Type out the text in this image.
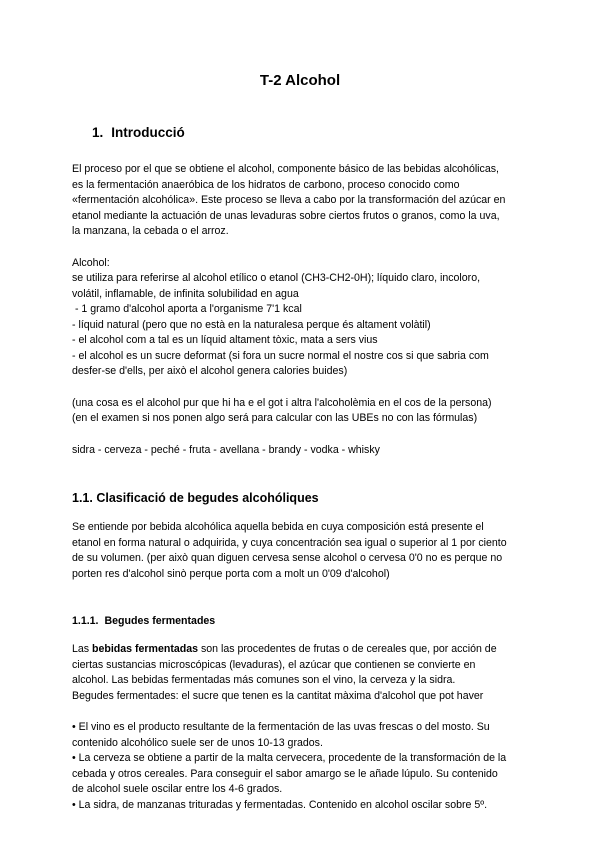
T-2 Alcohol
1. Introducció

El proceso por el que se obtiene el alcohol, componente básico de las bebidas alcohólicas,

es la fermentación anaeróbica de los hidratos de carbono, proceso conocido como

«fermentación alcohólica». Este proceso se lleva a cabo por la transformación del azúcar en

etanol mediante la actuación de unas levaduras sobre ciertos frutos o granos, como la uva,

la manzana, la cebada o el arroz.

Alcohol:

se utiliza para referirse al alcohol etílico o etanol (CH3-CH2-0H); líquido claro, incoloro,

volátil, inflamable, de infinita solubilidad en agua

- 1 gramo d'alcohol aporta a l'organisme 7'1 kcal

- líquid natural (pero que no està en la naturalesa perque és altament volàtil)

- el alcohol com a tal es un líquid altament tòxic, mata a sers vius

- el alcohol es un sucre deformat (si fora un sucre normal el nostre cos si que sabria com

desfer-se d'ells, per això el alcohol genera calories buides)

(una cosa es el alcohol pur que hi ha e el got i altra l'alcoholèmia en el cos de la persona)

(en el examen si nos ponen algo será para calcular con las UBEs no con las fórmulas)

sidra - cerveza - peché - fruta - avellana - brandy - vodka - whisky

1.1. Clasificació de begudes alcohóliques

Se entiende por bebida alcohólica aquella bebida en cuya composición está presente el

etanol en forma natural o adquirida, y cuya concentración sea igual o superior al 1 por ciento

de su volumen. (per això quan diguen cervesa sense alcohol o cervesa 0'0 no es perque no

porten res d'alcohol sinò perque porta com a molt un 0'09 d'alcohol)

1.1.1. Begudes fermentades

Las bebidas fermentadas son las procedentes de frutas o de cereales que, por acción de

ciertas sustancias microscópicas (levaduras), el azúcar que contienen se convierte en

alcohol. Las bebidas fermentadas más comunes son el vino, la cerveza y la sidra.

Begudes fermentades: el sucre que tenen es la cantitat màxima d'alcohol que pot haver

• El vino es el producto resultante de la fermentación de las uvas frescas o del mosto. Su

contenido alcohólico suele ser de unos 10-13 grados.

• La cerveza se obtiene a partir de la malta cervecera, procedente de la transformación de la

cebada y otros cereales. Para conseguir el sabor amargo se le añade lúpulo. Su contenido

de alcohol suele oscilar entre los 4-6 grados.

• La sidra, de manzanas trituradas y fermentadas. Contenido en alcohol oscilar sobre 5º.
